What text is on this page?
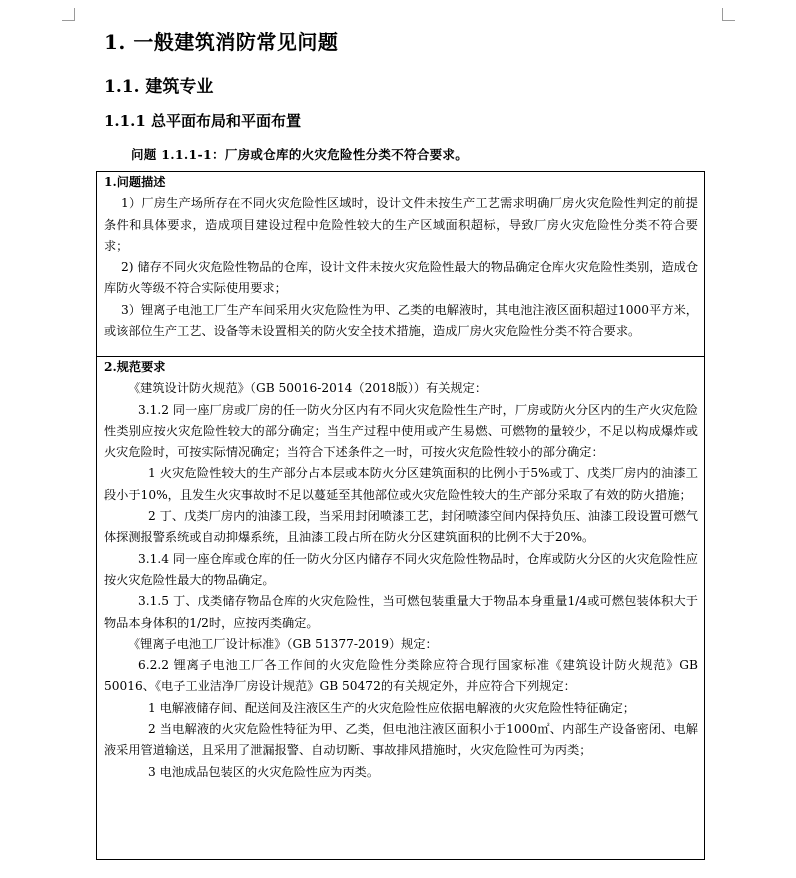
1. 一般建筑消防常见问题
1.1. 建筑专业
1.1.1 总平面布局和平面布置
问题 1.1.1-1：厂房或仓库的火灾危险性分类不符合要求。

1.问题描述

1）厂房生产场所存在不同火灾危险性区域时，设计文件未按生产工艺需求明确厂房火灾危险性判定的前提条件和具体要求，造成项目建设过程中危险性较大的生产区域面积超标，导致厂房火灾危险性分类不符合要求；

2) 储存不同火灾危险性物品的仓库，设计文件未按火灾危险性最大的物品确定仓库火灾危险性类别，造成仓库防火等级不符合实际使用要求；

3）锂离子电池工厂生产车间采用火灾危险性为甲、乙类的电解液时，其电池注液区面积超过1000平方米，或该部位生产工艺、设备等未设置相关的防火安全技术措施，造成厂房火灾危险性分类不符合要求。

2.规范要求

《建筑设计防火规范》（GB 50016-2014（2018版））有关规定：

3.1.2 同一座厂房或厂房的任一防火分区内有不同火灾危险性生产时，厂房或防火分区内的生产火灾危险性类别应按火灾危险性较大的部分确定；当生产过程中使用或产生易燃、可燃物的量较少，不足以构成爆炸或火灾危险时，可按实际情况确定；当符合下述条件之一时，可按火灾危险性较小的部分确定：

1 火灾危险性较大的生产部分占本层或本防火分区建筑面积的比例小于5%或丁、戊类厂房内的油漆工段小于10%，且发生火灾事故时不足以蔓延至其他部位或火灾危险性较大的生产部分采取了有效的防火措施；

2 丁、戊类厂房内的油漆工段，当采用封闭喷漆工艺，封闭喷漆空间内保持负压、油漆工段设置可燃气体探测报警系统或自动抑爆系统，且油漆工段占所在防火分区建筑面积的比例不大于20%。

3.1.4 同一座仓库或仓库的任一防火分区内储存不同火灾危险性物品时，仓库或防火分区的火灾危险性应按火灾危险性最大的物品确定。

3.1.5 丁、戊类储存物品仓库的火灾危险性，当可燃包装重量大于物品本身重量1/4或可燃包装体积大于物品本身体积的1/2时，应按丙类确定。

《锂离子电池工厂设计标准》（GB 51377-2019）规定：

6.2.2 锂离子电池工厂各工作间的火灾危险性分类除应符合现行国家标准《建筑设计防火规范》GB 50016、《电子工业洁净厂房设计规范》GB 50472的有关规定外，并应符合下列规定：

1 电解液储存间、配送间及注液区生产的火灾危险性应依据电解液的火灾危险性特征确定；

2 当电解液的火灾危险性特征为甲、乙类，但电池注液区面积小于1000㎡、内部生产设备密闭、电解液采用管道输送，且采用了泄漏报警、自动切断、事故排风措施时，火灾危险性可为丙类；

3 电池成品包装区的火灾危险性应为丙类。
